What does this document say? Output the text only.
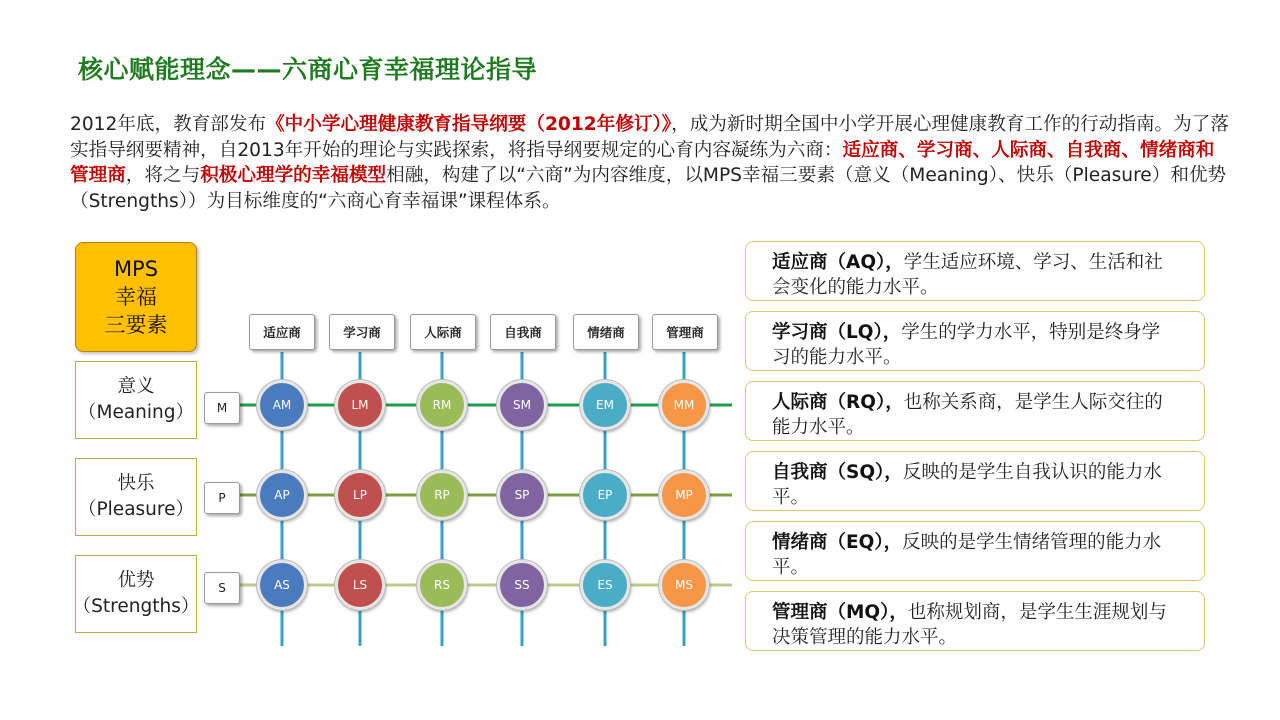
核心赋能理念——六商心育幸福理论指导
2012年底，教育部发布《中小学心理健康教育指导纲要（2012年修订）》，成为新时期全国中小学开展心理健康教育工作的行动指南。为了落实指导纲要精神，自2013年开始的理论与实践探索，将指导纲要规定的心育内容凝练为六商：适应商、学习商、人际商、自我商、情绪商和管理商，将之与积极心理学的幸福模型相融，构建了以“六商”为内容维度，以MPS幸福三要素（意义（Meaning）、快乐（Pleasure）和优势（Strengths））为目标维度的“六商心育幸福课”课程体系。
MPS
幸福
三要素
意义
（Meaning）
快乐
（Pleasure）
优势
（Strengths）
M
P
S
适应商	学习商	人际商	自我商	情绪商	管理商
AM	LM	RM	SM	EM	MM
AP	LP	RP	SP	EP	MP
AS	LS	RS	SS	ES	MS
适应商（AQ），学生适应环境、学习、生活和社会变化的能力水平。
学习商（LQ），学生的学力水平，特别是终身学习的能力水平。
人际商（RQ），也称关系商，是学生人际交往的能力水平。
自我商（SQ），反映的是学生自我认识的能力水平。
情绪商（EQ），反映的是学生情绪管理的能力水平。
管理商（MQ），也称规划商，是学生生涯规划与决策管理的能力水平。
